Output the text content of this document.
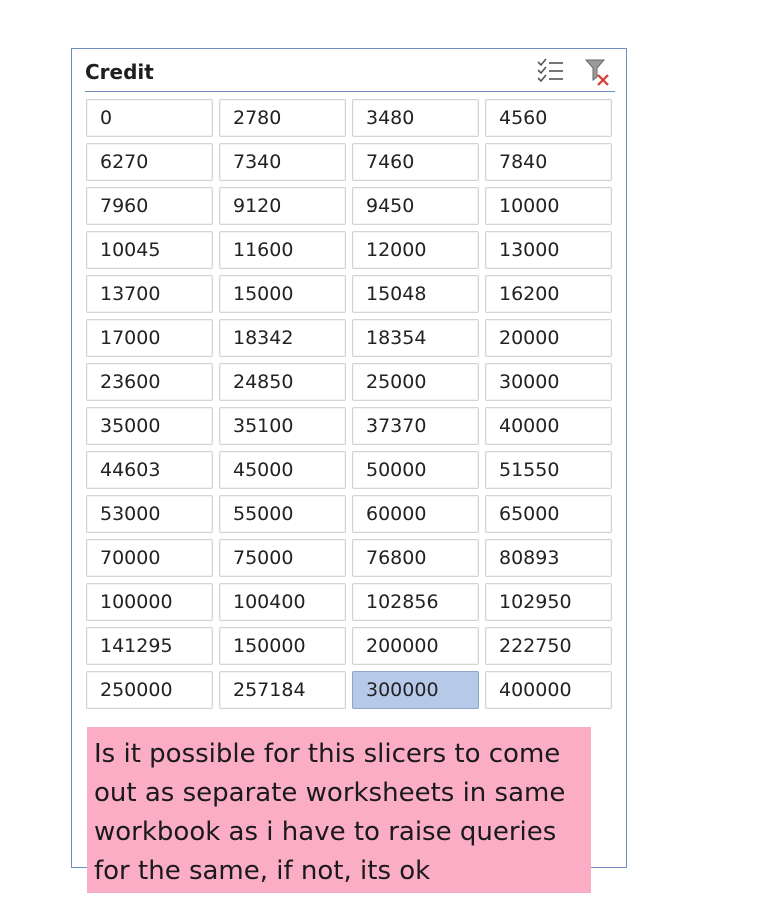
Credit
0	2780	3480	4560
6270	7340	7460	7840
7960	9120	9450	10000
10045	11600	12000	13000
13700	15000	15048	16200
17000	18342	18354	20000
23600	24850	25000	30000
35000	35100	37370	40000
44603	45000	50000	51550
53000	55000	60000	65000
70000	75000	76800	80893
100000	100400	102856	102950
141295	150000	200000	222750
250000	257184	300000	400000
Is it possible for this slicers to come out as separate worksheets in same workbook as i have to raise queries for the same, if not, its ok
